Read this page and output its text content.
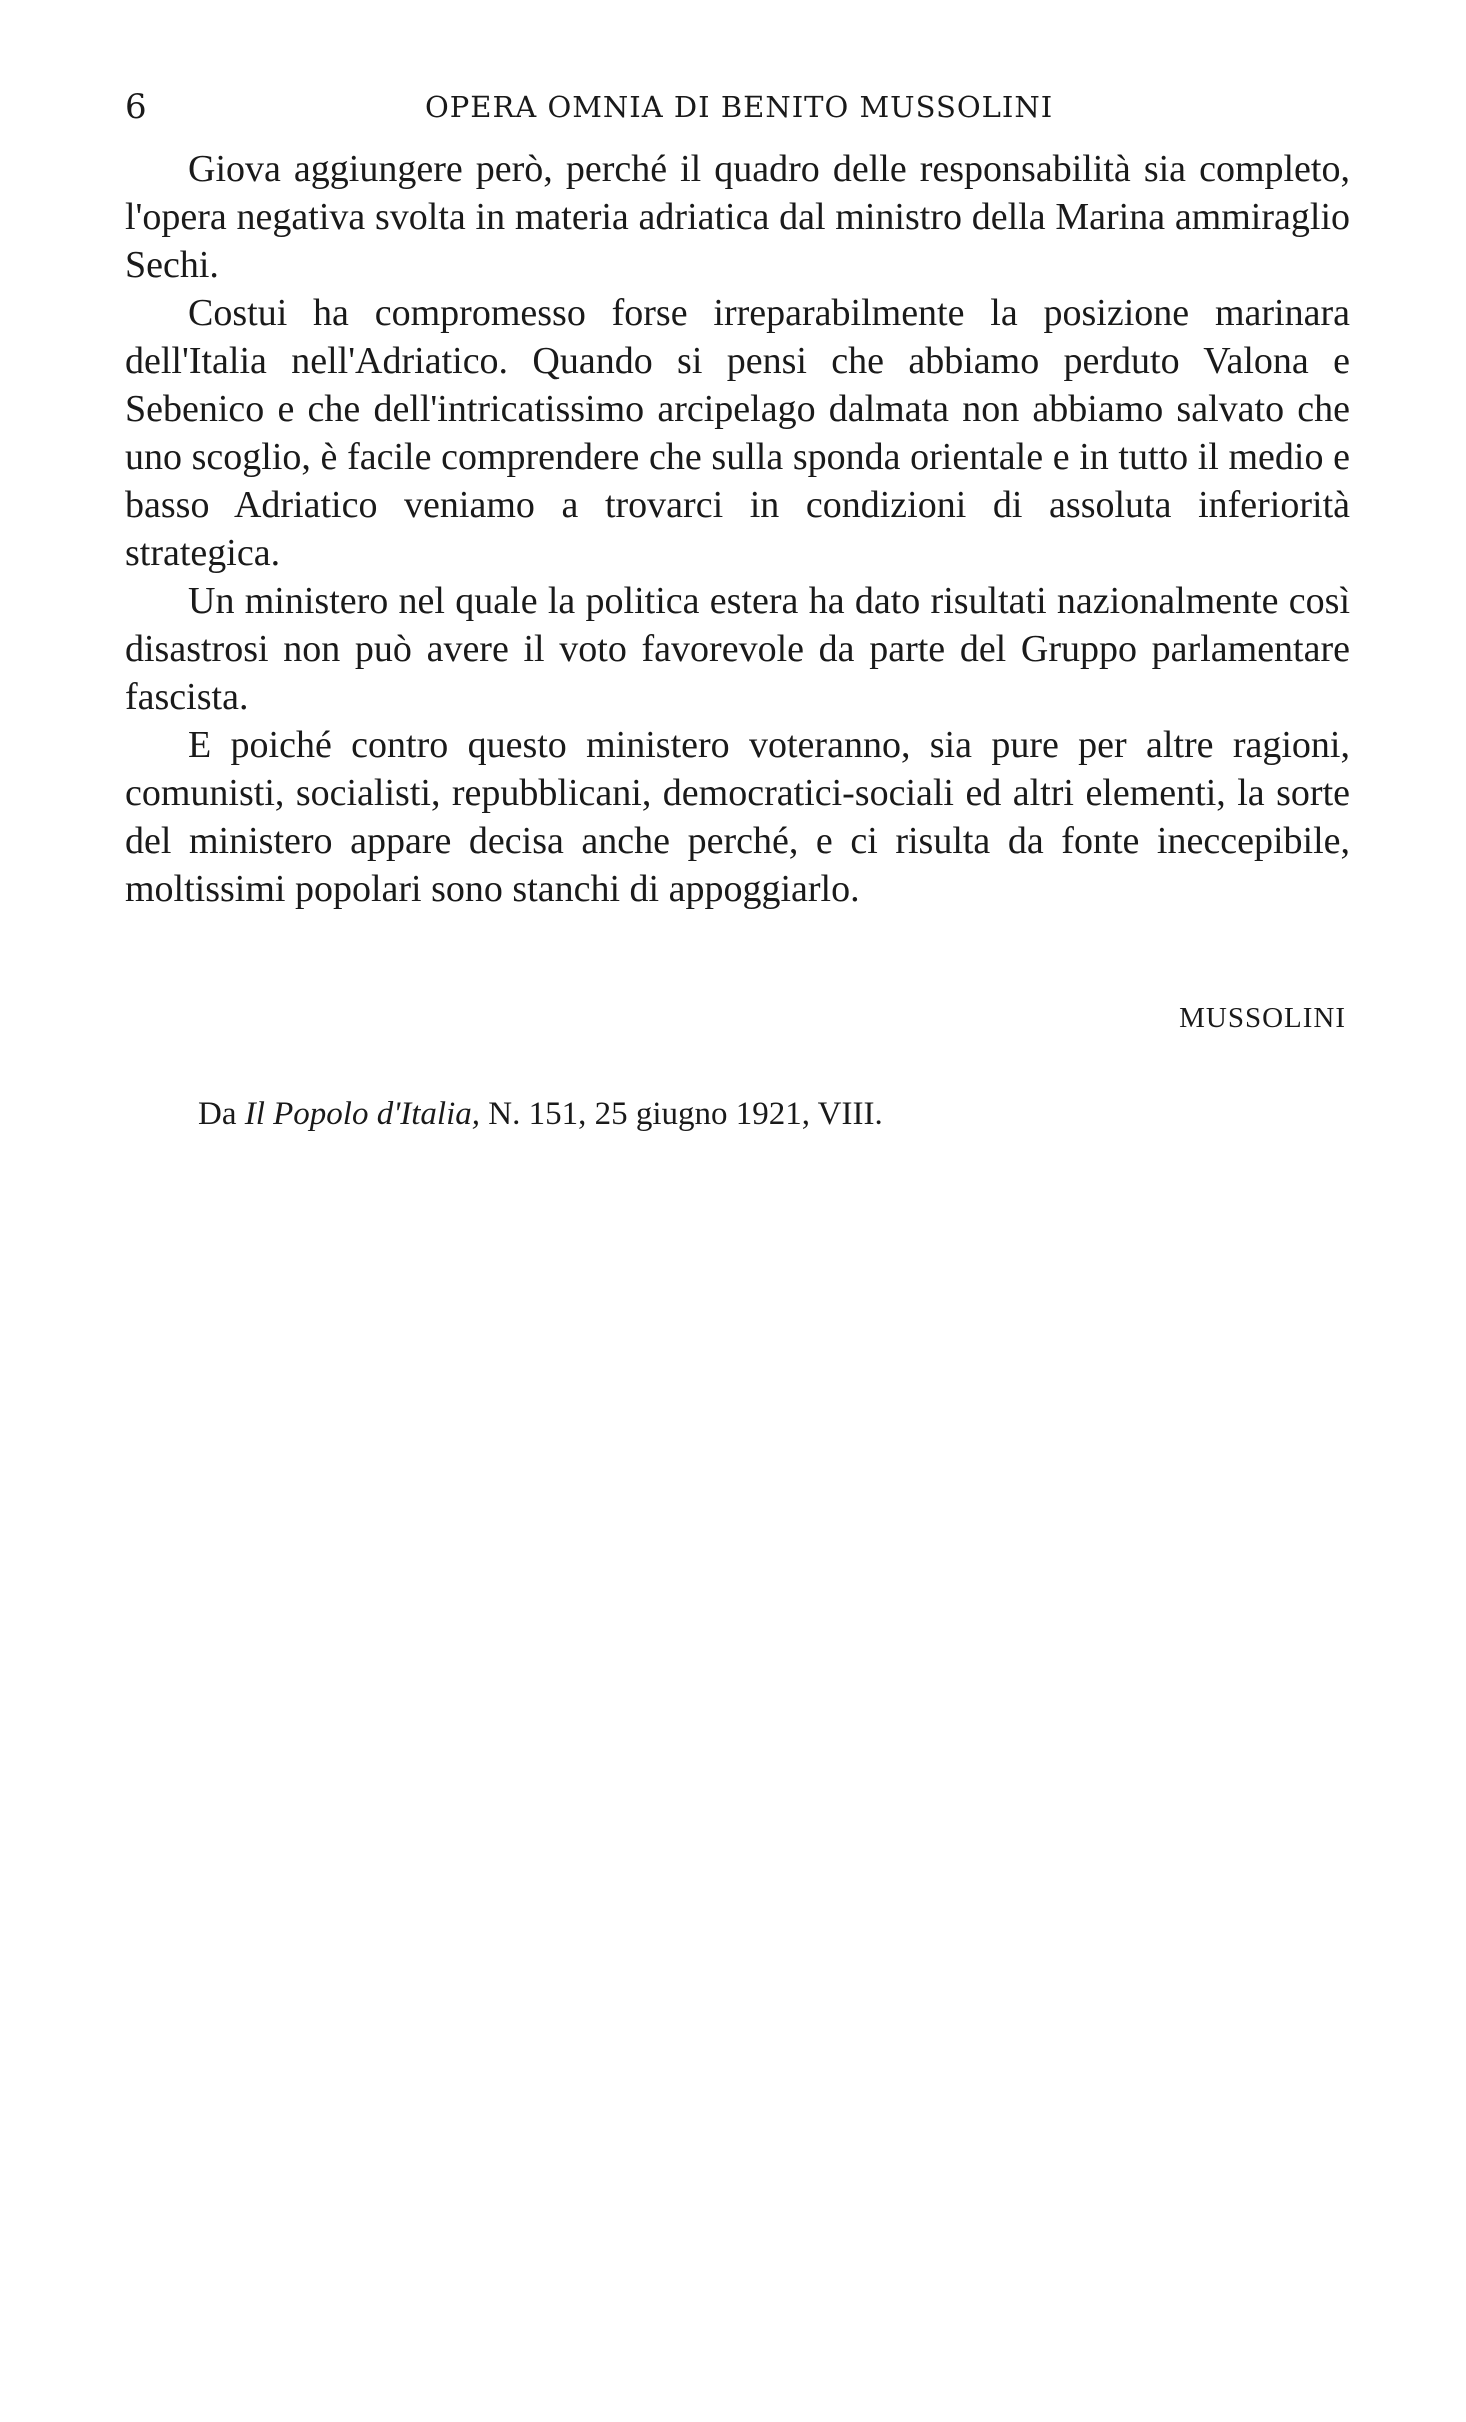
6	OPERA OMNIA DI BENITO MUSSOLINI

Giova aggiungere però, perché il quadro delle responsabilità sia completo, l'opera negativa svolta in materia adriatica dal ministro della Marina ammiraglio Sechi.

Costui ha compromesso forse irreparabilmente la posizione marinara dell'Italia nell'Adriatico. Quando si pensi che abbiamo perduto Valona e Sebenico e che dell'intricatissimo arcipelago dalmata non abbiamo salvato che uno scoglio, è facile comprendere che sulla sponda orientale e in tutto il medio e basso Adriatico veniamo a trovarci in condizioni di assoluta inferiorità strategica.

Un ministero nel quale la politica estera ha dato risultati nazionalmente così disastrosi non può avere il voto favorevole da parte del Gruppo parlamentare fascista.

E poiché contro questo ministero voteranno, sia pure per altre ragioni, comunisti, socialisti, repubblicani, democratici-sociali ed altri elementi, la sorte del ministero appare decisa anche perché, e ci risulta da fonte ineccepibile, moltissimi popolari sono stanchi di appoggiarlo.

MUSSOLINI
Da Il Popolo d'Italia, N. 151, 25 giugno 1921, VIII.
